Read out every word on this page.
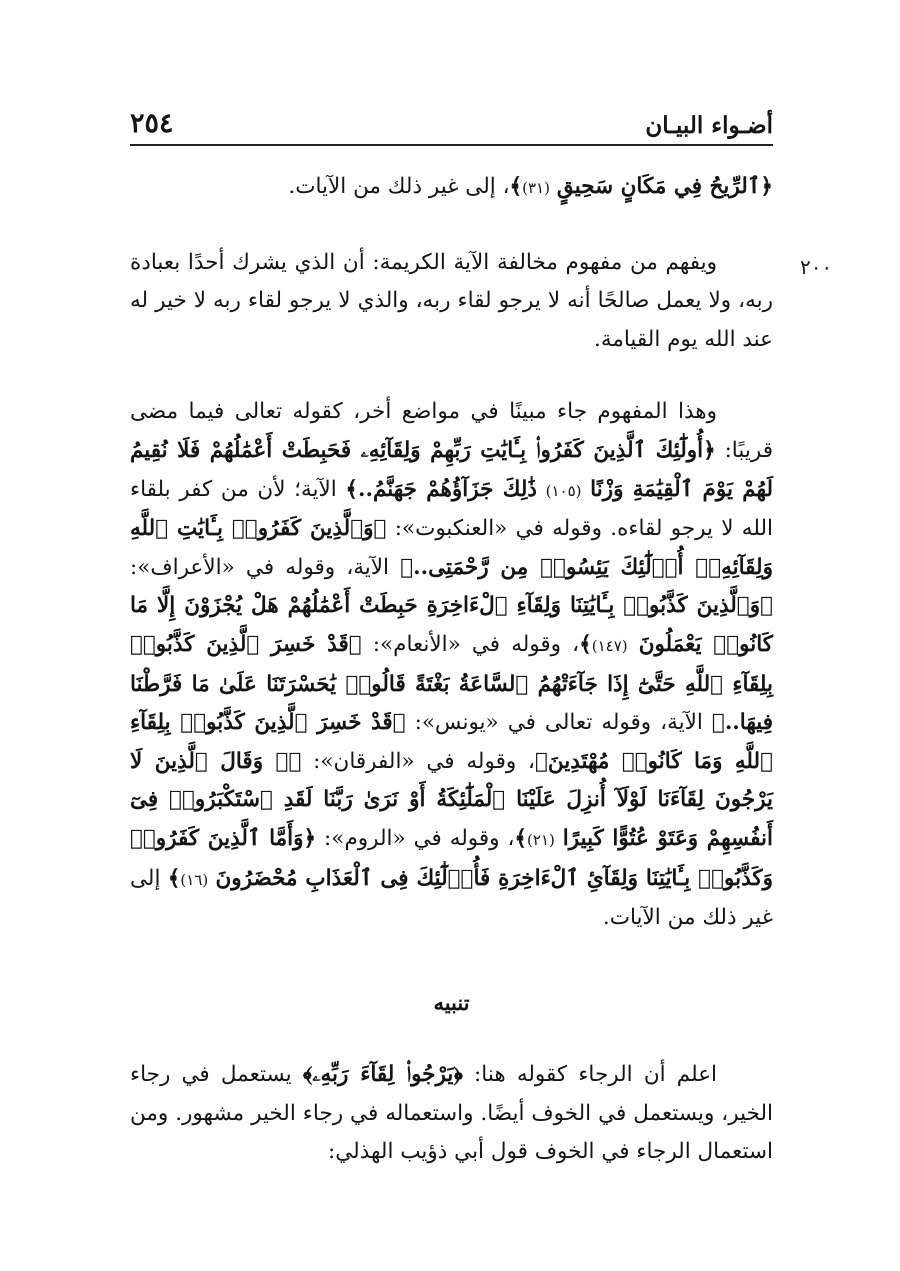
أضـواء البيـان
٢٥٤
٢٠٠

﴿ٱلرِّيحُ فِي مَكَانٍ سَحِيقٍ (٣١)﴾، إلى غير ذلك من الآيات.

ويفهم من مفهوم مخالفة الآية الكريمة: أن الذي يشرك أحدًا بعبادة ربه، ولا يعمل صالحًا أنه لا يرجو لقاء ربه، والذي لا يرجو لقاء ربه لا خير له عند الله يوم القيامة.

وهذا المفهوم جاء مبينًا في مواضع أخر، كقوله تعالى فيما مضى قريبًا: ﴿أُولَٰٓئِكَ ٱلَّذِينَ كَفَرُوا۟ بِـَٔايَٰتِ رَبِّهِمْ وَلِقَآئِهِۦ فَحَبِطَتْ أَعْمَٰلُهُمْ فَلَا نُقِيمُ لَهُمْ يَوْمَ ٱلْقِيَٰمَةِ وَزْنًا (١٠٥) ذَٰلِكَ جَزَآؤُهُمْ جَهَنَّمُ..﴾ الآية؛ لأن من كفر بلقاء الله لا يرجو لقاءه. وقوله في «العنكبوت»: ﴿وَٱلَّذِينَ كَفَرُوا۟ بِـَٔايَٰتِ ٱللَّهِ وَلِقَآئِهِۦٓ أُو۟لَٰٓئِكَ يَئِسُوا۟ مِن رَّحْمَتِى..﴾ الآية، وقوله في «الأعراف»: ﴿وَٱلَّذِينَ كَذَّبُوا۟ بِـَٔايَٰتِنَا وَلِقَآءِ ٱلْءَاخِرَةِ حَبِطَتْ أَعْمَٰلُهُمْ هَلْ يُجْزَوْنَ إِلَّا مَا كَانُوا۟ يَعْمَلُونَ (١٤٧)﴾، وقوله في «الأنعام»: ﴿قَدْ خَسِرَ ٱلَّذِينَ كَذَّبُوا۟ بِلِقَآءِ ٱللَّهِ حَتَّىٰٓ إِذَا جَآءَتْهُمُ ٱلسَّاعَةُ بَغْتَةً قَالُوا۟ يَٰحَسْرَتَنَا عَلَىٰ مَا فَرَّطْنَا فِيهَا..﴾ الآية، وقوله تعالى في «يونس»: ﴿قَدْ خَسِرَ ٱلَّذِينَ كَذَّبُوا۟ بِلِقَآءِ ٱللَّهِ وَمَا كَانُوا۟ مُهْتَدِينَ﴾، وقوله في «الفرقان»: ﴿۞ وَقَالَ ٱلَّذِينَ لَا يَرْجُونَ لِقَآءَنَا لَوْلَآ أُنزِلَ عَلَيْنَا ٱلْمَلَٰٓئِكَةُ أَوْ نَرَىٰ رَبَّنَا لَقَدِ ٱسْتَكْبَرُوا۟ فِىٓ أَنفُسِهِمْ وَعَتَوْ عُتُوًّا كَبِيرًا (٢١)﴾، وقوله في «الروم»: ﴿وَأَمَّا ٱلَّذِينَ كَفَرُوا۟ وَكَذَّبُوا۟ بِـَٔايَٰتِنَا وَلِقَآئِ ٱلْءَاخِرَةِ فَأُو۟لَٰٓئِكَ فِى ٱلْعَذَابِ مُحْضَرُونَ (١٦)﴾ إلى غير ذلك من الآيات.

تنبيه

اعلم أن الرجاء كقوله هنا: ﴿يَرْجُوا۟ لِقَآءَ رَبِّهِۦ﴾ يستعمل في رجاء الخير، ويستعمل في الخوف أيضًا. واستعماله في رجاء الخير مشهور. ومن استعمال الرجاء في الخوف قول أبي ذؤيب الهذلي:
